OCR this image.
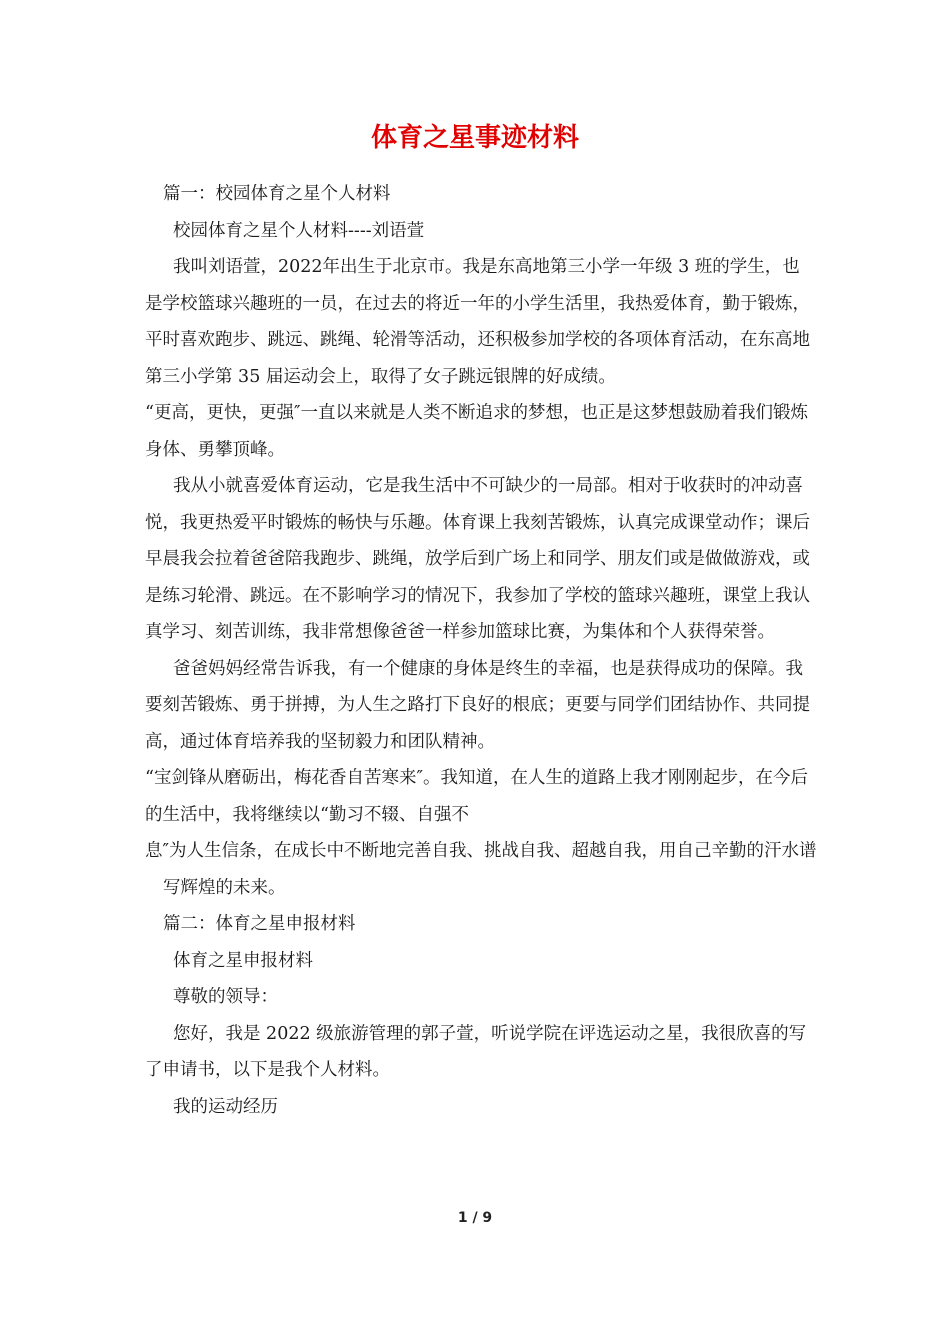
体育之星事迹材料

篇一：校园体育之星个人材料

校园体育之星个人材料----刘语萱

我叫刘语萱，2022年出生于北京市。我是东高地第三小学一年级 3 班的学生，也是学校篮球兴趣班的一员，在过去的将近一年的小学生活里，我热爱体育，勤于锻炼，平时喜欢跑步、跳远、跳绳、轮滑等活动，还积极参加学校的各项体育活动，在东高地第三小学第 35 届运动会上，取得了女子跳远银牌的好成绩。

“更高，更快，更强″一直以来就是人类不断追求的梦想，也正是这梦想鼓励着我们锻炼身体、勇攀顶峰。

我从小就喜爱体育运动，它是我生活中不可缺少的一局部。相对于收获时的冲动喜悦，我更热爱平时锻炼的畅快与乐趣。体育课上我刻苦锻炼，认真完成课堂动作；课后早晨我会拉着爸爸陪我跑步、跳绳，放学后到广场上和同学、朋友们或是做做游戏，或是练习轮滑、跳远。在不影响学习的情况下，我参加了学校的篮球兴趣班，课堂上我认真学习、刻苦训练，我非常想像爸爸一样参加篮球比赛，为集体和个人获得荣誉。

爸爸妈妈经常告诉我，有一个健康的身体是终生的幸福，也是获得成功的保障。我要刻苦锻炼、勇于拼搏，为人生之路打下良好的根底；更要与同学们团结协作、共同提高，通过体育培养我的坚韧毅力和团队精神。

“宝剑锋从磨砺出，梅花香自苦寒来″。我知道，在人生的道路上我才刚刚起步，在今后的生活中，我将继续以“勤习不辍、自强不

息″为人生信条，在成长中不断地完善自我、挑战自我、超越自我，用自己辛勤的汗水谱写辉煌的未来。

篇二：体育之星申报材料

体育之星申报材料

尊敬的领导：

您好，我是 2022 级旅游管理的郭子萱，听说学院在评选运动之星，我很欣喜的写了申请书，以下是我个人材料。

我的运动经历

1 / 9
